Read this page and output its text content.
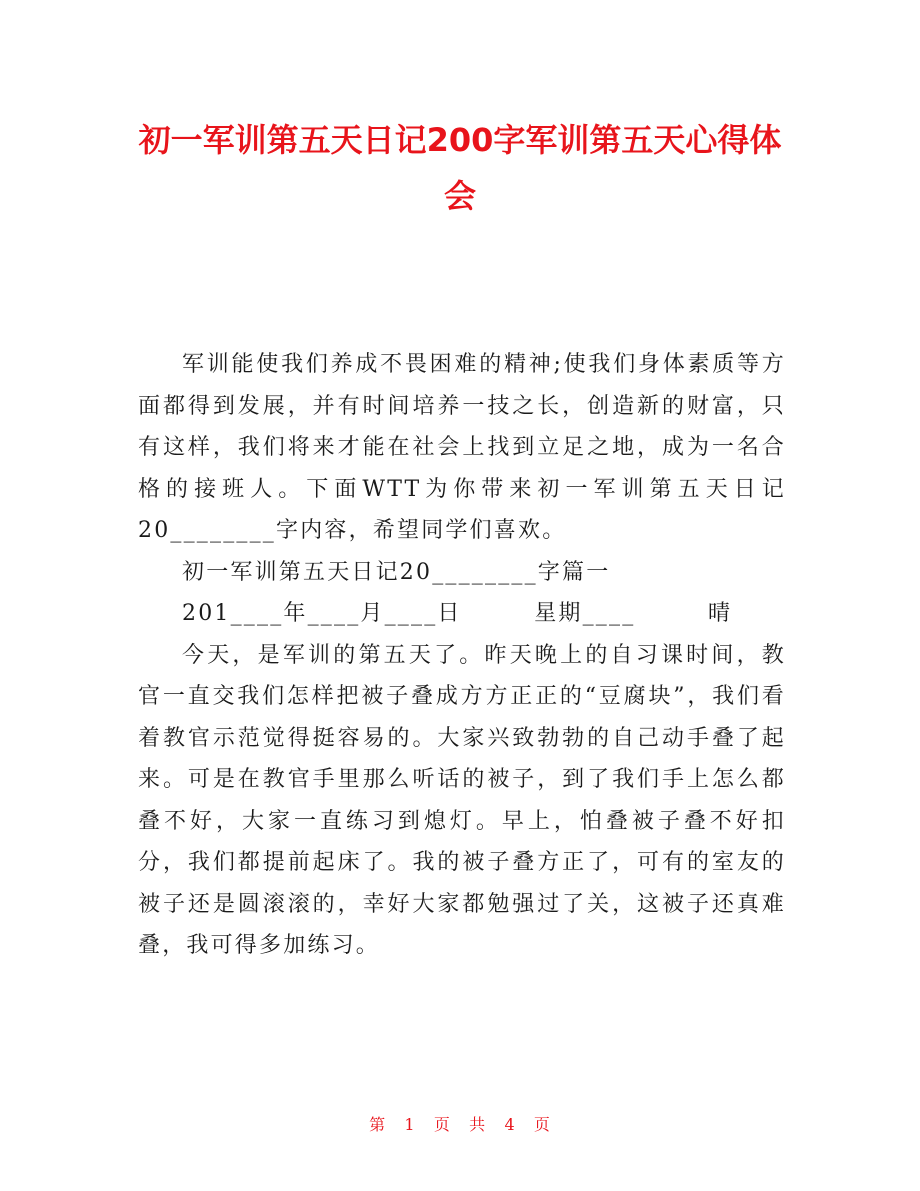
初一军训第五天日记200字军训第五天心得体会

军训能使我们养成不畏困难的精神;使我们身体素质等方面都得到发展，并有时间培养一技之长，创造新的财富，只有这样，我们将来才能在社会上找到立足之地，成为一名合格的接班人。下面WTT为你带来初一军训第五天日记20________字内容，希望同学们喜欢。

初一军训第五天日记20________字篇一

201____年____月____日　　　星期____　　　晴

今天，是军训的第五天了。昨天晚上的自习课时间，教官一直交我们怎样把被子叠成方方正正的“豆腐块”，我们看着教官示范觉得挺容易的。大家兴致勃勃的自己动手叠了起来。可是在教官手里那么听话的被子，到了我们手上怎么都叠不好，大家一直练习到熄灯。早上，怕叠被子叠不好扣分，我们都提前起床了。我的被子叠方正了，可有的室友的被子还是圆滚滚的，幸好大家都勉强过了关，这被子还真难叠，我可得多加练习。

第 1 页 共 4 页
